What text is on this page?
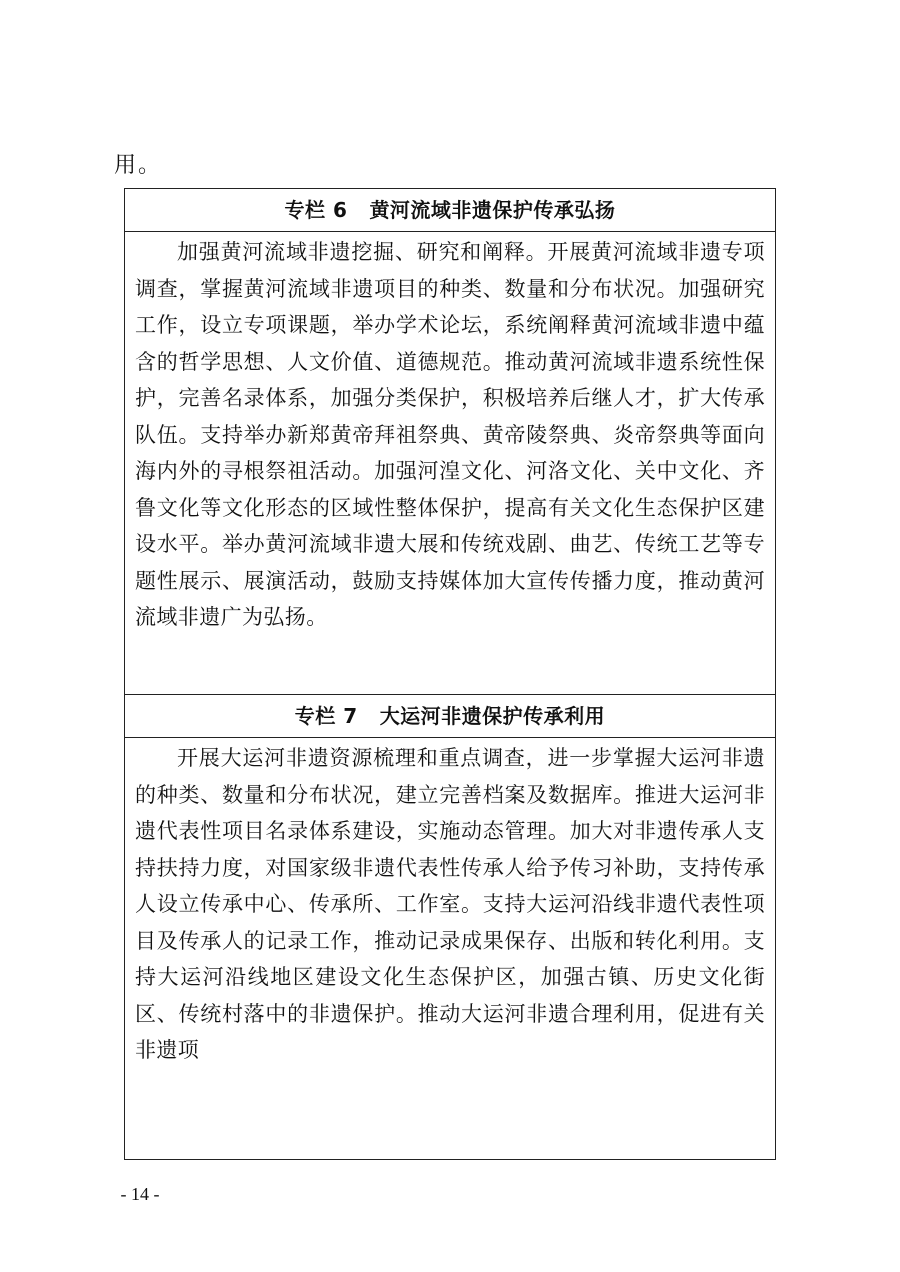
用。
专栏 6 黄河流域非遗保护传承弘扬
加强黄河流域非遗挖掘、研究和阐释。开展黄河流域非遗专项调查，掌握黄河流域非遗项目的种类、数量和分布状况。加强研究工作，设立专项课题，举办学术论坛，系统阐释黄河流域非遗中蕴含的哲学思想、人文价值、道德规范。推动黄河流域非遗系统性保护，完善名录体系，加强分类保护，积极培养后继人才，扩大传承队伍。支持举办新郑黄帝拜祖祭典、黄帝陵祭典、炎帝祭典等面向海内外的寻根祭祖活动。加强河湟文化、河洛文化、关中文化、齐鲁文化等文化形态的区域性整体保护，提高有关文化生态保护区建设水平。举办黄河流域非遗大展和传统戏剧、曲艺、传统工艺等专题性展示、展演活动，鼓励支持媒体加大宣传传播力度，推动黄河流域非遗广为弘扬。
专栏 7 大运河非遗保护传承利用
开展大运河非遗资源梳理和重点调查，进一步掌握大运河非遗的种类、数量和分布状况，建立完善档案及数据库。推进大运河非遗代表性项目名录体系建设，实施动态管理。加大对非遗传承人支持扶持力度，对国家级非遗代表性传承人给予传习补助，支持传承人设立传承中心、传承所、工作室。支持大运河沿线非遗代表性项目及传承人的记录工作，推动记录成果保存、出版和转化利用。支持大运河沿线地区建设文化生态保护区，加强古镇、历史文化街区、传统村落中的非遗保护。推动大运河非遗合理利用，促进有关非遗项
- 14 -
